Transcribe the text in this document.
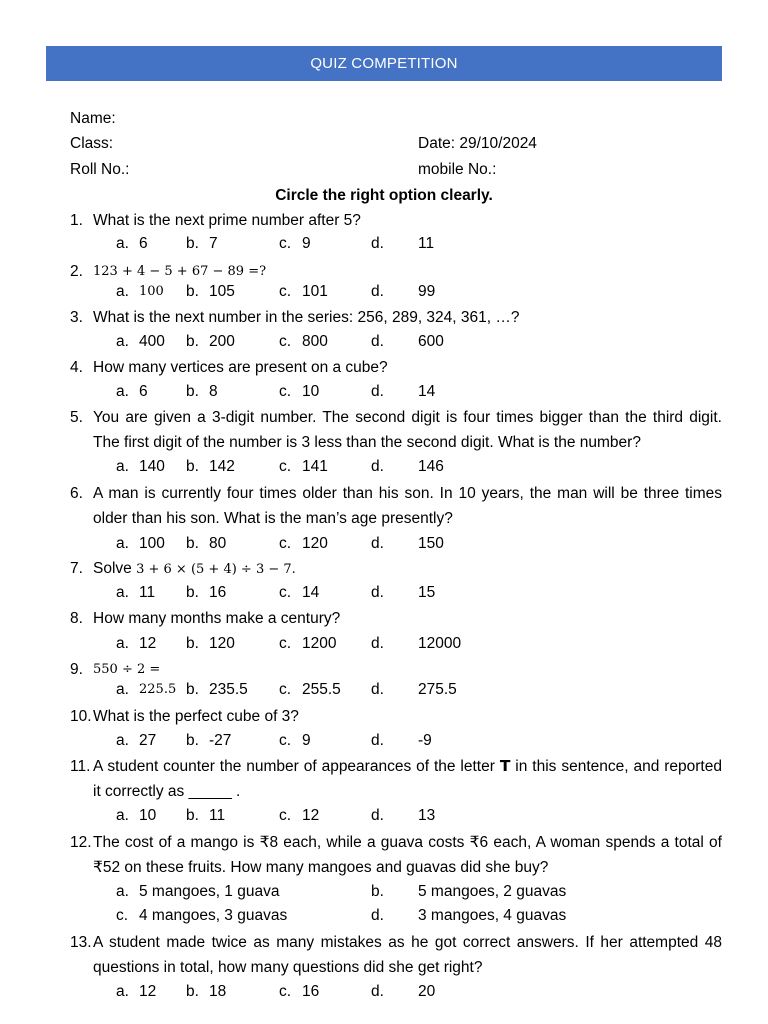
QUIZ COMPETITION
Name:
Class:	Date: 29/10/2024
Roll No.:	mobile No.:
Circle the right option clearly.
1. What is the next prime number after 5?
a. 6 b. 7	c. 9	d. 11
2. 123 + 4 − 5 + 67 − 89 =?
a. 100 b. 105	c. 101	d. 99
3. What is the next number in the series: 256, 289, 324, 361, …?
a. 400 b. 200	c. 800	d. 600
4. How many vertices are present on a cube?
a. 6 b. 8	c. 10	d. 14
5. You are given a 3-digit number. The second digit is four times bigger than the third digit. The first digit of the number is 3 less than the second digit. What is the number?
a. 140 b. 142	c. 141	d. 146
6. A man is currently four times older than his son. In 10 years, the man will be three times older than his son. What is the man’s age presently?
a. 100 b. 80	c. 120	d. 150
7. Solve 3 + 6 × (5 + 4) ÷ 3 − 7.
a. 11 b. 16	c. 14	d. 15
8. How many months make a century?
a. 12 b. 120	c. 1200 d. 12000
9. 550 ÷ 2 =
a. 225.5 b. 235.5 c. 255.5 d. 275.5
10. What is the perfect cube of 3?
a. 27 b. -27	c. 9	d. -9
11. A student counter the number of appearances of the letter T in this sentence, and reported it correctly as _____ .
a. 10 b. 11	c. 12	d. 13
12. The cost of a mango is ₹8 each, while a guava costs ₹6 each, A woman spends a total of ₹52 on these fruits. How many mangoes and guavas did she buy?
a. 5 mangoes, 1 guava	b. 5 mangoes, 2 guavas
c. 4 mangoes, 3 guavas	d. 3 mangoes, 4 guavas
13. A student made twice as many mistakes as he got correct answers. If her attempted 48 questions in total, how many questions did she get right?
a. 12 b. 18	c. 16	d. 20
